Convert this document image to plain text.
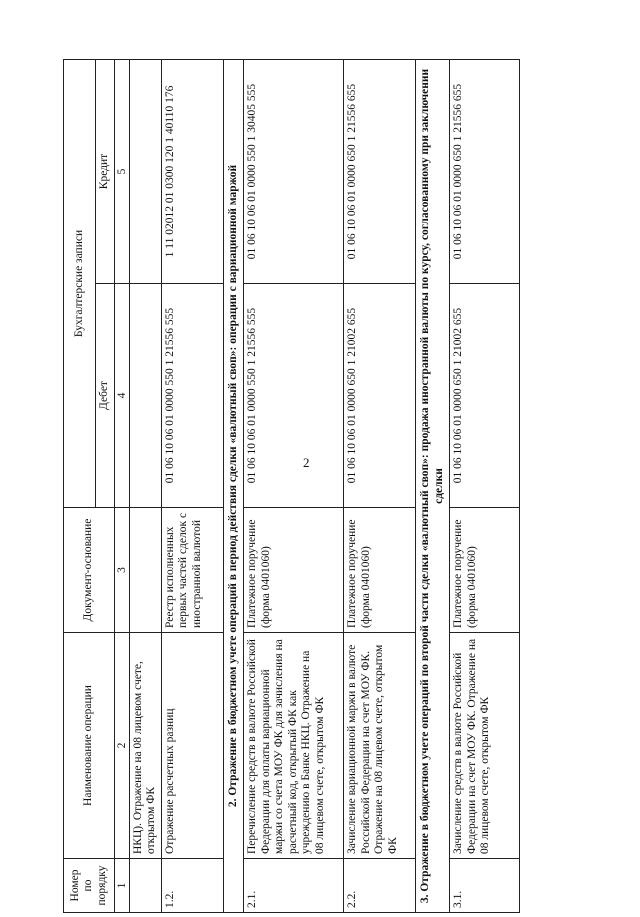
2
Номер по порядку	Наименование операции	Документ-основание	Бухгалтерские записи	
			Дебет	Кредит
1	2	3	4	5
	НКЦ). Отражение на 08 лицевом счете, открытом ФК			
1.2.	Отражение расчетных разниц	Реестр исполненных первых частей сделок с иностранной валютой	01 06 10 06 01 0000 550 1 21556 555	1 11 02012 01 0300 120 1 40110 176
2. Отражение в бюджетном учете операций в период действия сделки «валютный своп»: операции с вариационной маржой				
2.1.	Перечисление средств в валюте Российской Федерации для оплаты вариационной маржи со счета МОУ ФК для зачисления на расчетный код, открытый ФК как учреждению в Банке НКЦ. Отражение на 08 лицевом счете, открытом ФК	Платежное поручение (форма 0401060)	01 06 10 06 01 0000 550 1 21556 555	01 06 10 06 01 0000 550 1 30405 555
2.2.	Зачисление вариационной маржи в валюте Российской Федерации на счет МОУ ФК. Отражение на 08 лицевом счете, открытом ФК	Платежное поручение (форма 0401060)	01 06 10 06 01 0000 650 1 21002 655	01 06 10 06 01 0000 650 1 21556 655
3. Отражение в бюджетном учете операций по второй части сделки «валютный своп»: продажа иностранной валюты по курсу, согласованному при заключении сделки				
3.1.	Зачисление средств в валюте Российской Федерации на счет МОУ ФК. Отражение на 08 лицевом счете, открытом ФК	Платежное поручение (форма 0401060)	01 06 10 06 01 0000 650 1 21002 655	01 06 10 06 01 0000 650 1 21556 655
